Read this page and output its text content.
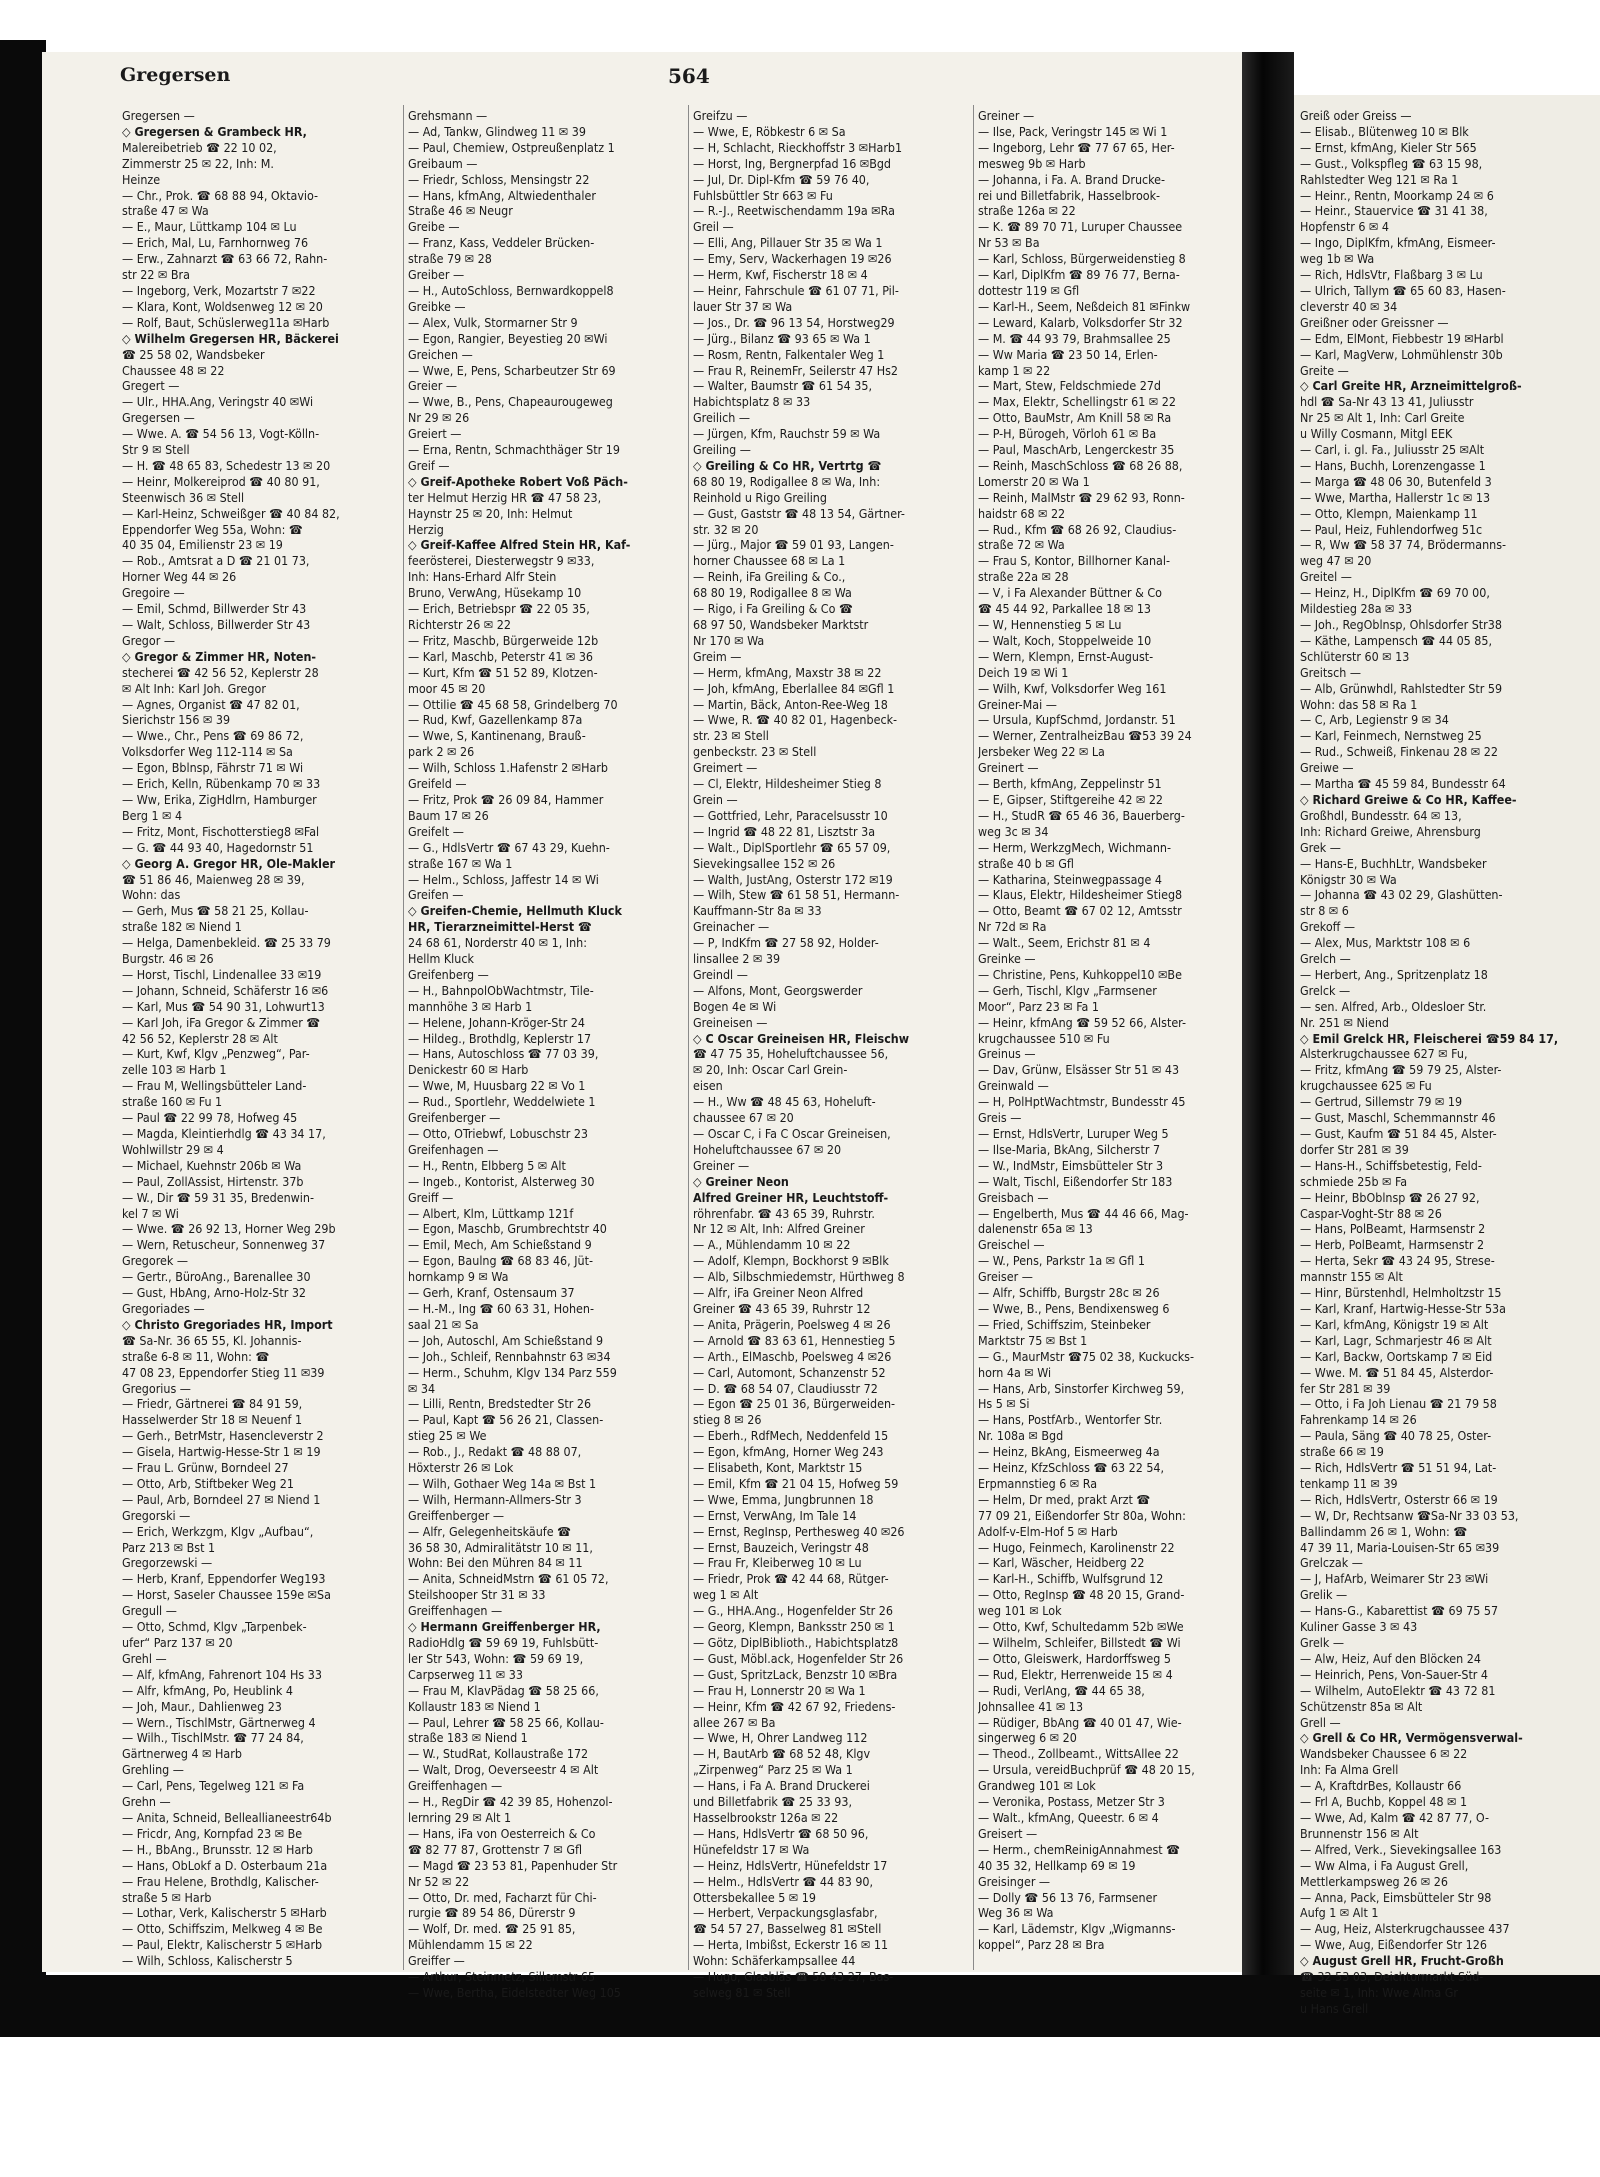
Gregersen	564
Gregersen —
◇ Gregersen & Grambeck HR,
Malereibetrieb ☎ 22 10 02,
Zimmerstr 25 ✉ 22, Inh: M.
Heinze
— Chr., Prok. ☎ 68 88 94, Oktavio-
straße 47 ✉ Wa
— E., Maur, Lüttkamp 104 ✉ Lu
— Erich, Mal, Lu, Farnhornweg 76
— Erw., Zahnarzt ☎ 63 66 72, Rahn-
str 22 ✉ Bra
— Ingeborg, Verk, Mozartstr 7 ✉22
— Klara, Kont, Woldsenweg 12 ✉ 20
— Rolf, Baut, Schüslerweg11a ✉Harb
◇ Wilhelm Gregersen HR, Bäckerei
☎ 25 58 02, Wandsbeker
Chaussee 48 ✉ 22
Gregert —
— Ulr., HHA.Ang, Veringstr 40 ✉Wi
Gregersen —
— Wwe. A. ☎ 54 56 13, Vogt-Kölln-
Str 9 ✉ Stell
— H. ☎ 48 65 83, Schedestr 13 ✉ 20
— Heinr, Molkereiprod ☎ 40 80 91,
Steenwisch 36 ✉ Stell
— Karl-Heinz, Schweißger ☎ 40 84 82,
Eppendorfer Weg 55a, Wohn: ☎
40 35 04, Emilienstr 23 ✉ 19
— Rob., Amtsrat a D ☎ 21 01 73,
Horner Weg 44 ✉ 26
Gregoire —
— Emil, Schmd, Billwerder Str 43
— Walt, Schloss, Billwerder Str 43
Gregor —
◇ Gregor & Zimmer HR, Noten-
stecherei ☎ 42 56 52, Keplerstr 28
✉ Alt Inh: Karl Joh. Gregor
— Agnes, Organist ☎ 47 82 01,
Sierichstr 156 ✉ 39
— Wwe., Chr., Pens ☎ 69 86 72,
Volksdorfer Weg 112-114 ✉ Sa
— Egon, Bblnsp, Fährstr 71 ✉ Wi
— Erich, Kelln, Rübenkamp 70 ✉ 33
— Ww, Erika, ZigHdlrn, Hamburger
Berg 1 ✉ 4
— Fritz, Mont, Fischotterstieg8 ✉Fal
— G. ☎ 44 93 40, Hagedornstr 51
◇ Georg A. Gregor HR, Ole-Makler
☎ 51 86 46, Maienweg 28 ✉ 39,
Wohn: das
— Gerh, Mus ☎ 58 21 25, Kollau-
straße 182 ✉ Niend 1
— Helga, Damenbekleid. ☎ 25 33 79
Burgstr. 46 ✉ 26
— Horst, Tischl, Lindenallee 33 ✉19
— Johann, Schneid, Schäferstr 16 ✉6
— Karl, Mus ☎ 54 90 31, Lohwurt13
— Karl Joh, iFa Gregor & Zimmer ☎
42 56 52, Keplerstr 28 ✉ Alt
— Kurt, Kwf, Klgv „Penzweg“, Par-
zelle 103 ✉ Harb 1
— Frau M, Wellingsbütteler Land-
straße 160 ✉ Fu 1
— Paul ☎ 22 99 78, Hofweg 45
— Magda, Kleintierhdlg ☎ 43 34 17,
Wohlwillstr 29 ✉ 4
— Michael, Kuehnstr 206b ✉ Wa
— Paul, ZollAssist, Hirtenstr. 37b
— W., Dir ☎ 59 31 35, Bredenwin-
kel 7 ✉ Wi
— Wwe. ☎ 26 92 13, Horner Weg 29b
— Wern, Retuscheur, Sonnenweg 37
Gregorek —
— Gertr., BüroAng., Barenallee 30
— Gust, HbAng, Arno-Holz-Str 32
Gregoriades —
◇ Christo Gregoriades HR, Import
☎ Sa-Nr. 36 65 55, Kl. Johannis-
straße 6-8 ✉ 11, Wohn: ☎
47 08 23, Eppendorfer Stieg 11 ✉39
Gregorius —
— Friedr, Gärtnerei ☎ 84 91 59,
Hasselwerder Str 18 ✉ Neuenf 1
— Gerh., BetrMstr, Hasencleverstr 2
— Gisela, Hartwig-Hesse-Str 1 ✉ 19
— Frau L. Grünw, Borndeel 27
— Otto, Arb, Stiftbeker Weg 21
— Paul, Arb, Borndeel 27 ✉ Niend 1
Gregorski —
— Erich, Werkzgm, Klgv „Aufbau“,
Parz 213 ✉ Bst 1
Gregorzewski —
— Herb, Kranf, Eppendorfer Weg193
— Horst, Saseler Chaussee 159e ✉Sa
Gregull —
— Otto, Schmd, Klgv „Tarpenbek-
ufer“ Parz 137 ✉ 20
Grehl —
— Alf, kfmAng, Fahrenort 104 Hs 33
— Alfr, kfmAng, Po, Heublink 4
— Joh, Maur., Dahlienweg 23
— Wern., TischlMstr, Gärtnerweg 4
— Wilh., TischlMstr. ☎ 77 24 84,
Gärtnerweg 4 ✉ Harb
Grehling —
— Carl, Pens, Tegelweg 121 ✉ Fa
Grehn —
— Anita, Schneid, Belleallianeestr64b
— Fricdr, Ang, Kornpfad 23 ✉ Be
— H., BbAng., Brunsstr. 12 ✉ Harb
— Hans, ObLokf a D. Osterbaum 21a
— Frau Helene, Brothdlg, Kalischer-
straße 5 ✉ Harb
— Lothar, Verk, Kalischerstr 5 ✉Harb
— Otto, Schiffszim, Melkweg 4 ✉ Be
— Paul, Elektr, Kalischerstr 5 ✉Harb
— Wilh, Schloss, Kalischerstr 5
Grehsmann —
— Ad, Tankw, Glindweg 11 ✉ 39
— Paul, Chemiew, Ostpreußenplatz 1
Greibaum —
— Friedr, Schloss, Mensingstr 22
— Hans, kfmAng, Altwiedenthaler
Straße 46 ✉ Neugr
Greibe —
— Franz, Kass, Veddeler Brücken-
straße 79 ✉ 28
Greiber —
— H., AutoSchloss, Bernwardkoppel8
Greibke —
— Alex, Vulk, Stormarner Str 9
— Egon, Rangier, Beyestieg 20 ✉Wi
Greichen —
— Wwe, E, Pens, Scharbeutzer Str 69
Greier —
— Wwe, B., Pens, Chapeaurougeweg
Nr 29 ✉ 26
Greiert —
— Erna, Rentn, Schmachthäger Str 19
Greif —
◇ Greif-Apotheke Robert Voß Päch-
ter Helmut Herzig HR ☎ 47 58 23,
Haynstr 25 ✉ 20, Inh: Helmut
Herzig
◇ Greif-Kaffee Alfred Stein HR, Kaf-
feerösterei, Diesterwegstr 9 ✉33,
Inh: Hans-Erhard Alfr Stein
Bruno, VerwAng, Hüsekamp 10
— Erich, Betriebspr ☎ 22 05 35,
Richterstr 26 ✉ 22
— Fritz, Maschb, Bürgerweide 12b
— Karl, Maschb, Peterstr 41 ✉ 36
— Kurt, Kfm ☎ 51 52 89, Klotzen-
moor 45 ✉ 20
— Ottilie ☎ 45 68 58, Grindelberg 70
— Rud, Kwf, Gazellenkamp 87a
— Wwe, S, Kantinenang, Brauß-
park 2 ✉ 26
— Wilh, Schloss 1.Hafenstr 2 ✉Harb
Greifeld —
— Fritz, Prok ☎ 26 09 84, Hammer
Baum 17 ✉ 26
Greifelt —
— G., HdlsVertr ☎ 67 43 29, Kuehn-
straße 167 ✉ Wa 1
— Helm., Schloss, Jaffestr 14 ✉ Wi
Greifen —
◇ Greifen-Chemie, Hellmuth Kluck
HR, Tierarzneimittel-Herst ☎
24 68 61, Norderstr 40 ✉ 1, Inh:
Hellm Kluck
Greifenberg —
— H., BahnpolObWachtmstr, Tile-
mannhöhe 3 ✉ Harb 1
— Helene, Johann-Kröger-Str 24
— Hildeg., Brothdlg, Keplerstr 17
— Hans, Autoschloss ☎ 77 03 39,
Denickestr 60 ✉ Harb
— Wwe, M, Huusbarg 22 ✉ Vo 1
— Rud., Sportlehr, Weddelwiete 1
Greifenberger —
— Otto, OTriebwf, Lobuschstr 23
Greifenhagen —
— H., Rentn, Elbberg 5 ✉ Alt
— Ingeb., Kontorist, Alsterweg 30
Greiff —
— Albert, Klm, Lüttkamp 121f
— Egon, Maschb, Grumbrechtstr 40
— Emil, Mech, Am Schießstand 9
— Egon, Baulng ☎ 68 83 46, Jüt-
hornkamp 9 ✉ Wa
— Gerh, Kranf, Ostensaum 37
— H.-M., Ing ☎ 60 63 31, Hohen-
saal 21 ✉ Sa
— Joh, Autoschl, Am Schießstand 9
— Joh., Schleif, Rennbahnstr 63 ✉34
— Herm., Schuhm, Klgv 134 Parz 559
✉ 34
— Lilli, Rentn, Bredstedter Str 26
— Paul, Kapt ☎ 56 26 21, Classen-
stieg 25 ✉ We
— Rob., J., Redakt ☎ 48 88 07,
Höxterstr 26 ✉ Lok
— Wilh, Gothaer Weg 14a ✉ Bst 1
— Wilh, Hermann-Allmers-Str 3
Greiffenberger —
— Alfr, Gelegenheitskäufe ☎
36 58 30, Admiralitätstr 10 ✉ 11,
Wohn: Bei den Mühren 84 ✉ 11
— Anita, SchneidMstrn ☎ 61 05 72,
Steilshooper Str 31 ✉ 33
Greiffenhagen —
◇ Hermann Greiffenberger HR,
RadioHdlg ☎ 59 69 19, Fuhlsbütt-
ler Str 543, Wohn: ☎ 59 69 19,
Carpserweg 11 ✉ 33
— Frau M, KlavPädag ☎ 58 25 66,
Kollaustr 183 ✉ Niend 1
— Paul, Lehrer ☎ 58 25 66, Kollau-
straße 183 ✉ Niend 1
— W., StudRat, Kollaustraße 172
— Walt, Drog, Oeverseestr 4 ✉ Alt
Greiffenhagen —
— H., RegDir ☎ 42 39 85, Hohenzol-
lernring 29 ✉ Alt 1
— Hans, iFa von Oesterreich & Co
☎ 82 77 87, Grottenstr 7 ✉ Gfl
— Magd ☎ 23 53 81, Papenhuder Str
Nr 52 ✉ 22
— Otto, Dr. med, Facharzt für Chi-
rurgie ☎ 89 54 86, Dürerstr 9
— Wolf, Dr. med. ☎ 25 91 85,
Mühlendamm 15 ✉ 22
Greiffer —
— Arthur, Steinmetz, Sillemstr 65
— Wwe, Bertha, Eidelstedter Weg 105
Greifzu —
— Wwe, E, Röbkestr 6 ✉ Sa
— H, Schlacht, Rieckhoffstr 3 ✉Harb1
— Horst, Ing, Bergnerpfad 16 ✉Bgd
— Jul, Dr. Dipl-Kfm ☎ 59 76 40,
Fuhlsbüttler Str 663 ✉ Fu
— R.-J., Reetwischendamm 19a ✉Ra
Greil —
— Elli, Ang, Pillauer Str 35 ✉ Wa 1
— Emy, Serv, Wackerhagen 19 ✉26
— Herm, Kwf, Fischerstr 18 ✉ 4
— Heinr, Fahrschule ☎ 61 07 71, Pil-
lauer Str 37 ✉ Wa
— Jos., Dr. ☎ 96 13 54, Horstweg29
— Jürg., Bilanz ☎ 93 65 ✉ Wa 1
— Rosm, Rentn, Falkentaler Weg 1
— Frau R, ReinemFr, Seilerstr 47 Hs2
— Walter, Baumstr ☎ 61 54 35,
Habichtsplatz 8 ✉ 33
Greilich —
— Jürgen, Kfm, Rauchstr 59 ✉ Wa
Greiling —
◇ Greiling & Co HR, Vertrtg ☎
68 80 19, Rodigallee 8 ✉ Wa, Inh:
Reinhold u Rigo Greiling
— Gust, Gaststr ☎ 48 13 54, Gärtner-
str. 32 ✉ 20
— Jürg., Major ☎ 59 01 93, Langen-
horner Chaussee 68 ✉ La 1
— Reinh, iFa Greiling & Co.,
68 80 19, Rodigallee 8 ✉ Wa
— Rigo, i Fa Greiling & Co ☎
68 97 50, Wandsbeker Marktstr
Nr 170 ✉ Wa
Greim —
— Herm, kfmAng, Maxstr 38 ✉ 22
— Joh, kfmAng, Eberlallee 84 ✉Gfl 1
— Martin, Bäck, Anton-Ree-Weg 18
— Wwe, R. ☎ 40 82 01, Hagenbeck-
str. 23 ✉ Stell
genbeckstr. 23 ✉ Stell
Greimert —
— Cl, Elektr, Hildesheimer Stieg 8
Grein —
— Gottfried, Lehr, Paracelsusstr 10
— Ingrid ☎ 48 22 81, Lisztstr 3a
— Walt., DiplSportlehr ☎ 65 57 09,
Sievekingsallee 152 ✉ 26
— Walth, JustAng, Osterstr 172 ✉19
— Wilh, Stew ☎ 61 58 51, Hermann-
Kauffmann-Str 8a ✉ 33
Greinacher —
— P, IndKfm ☎ 27 58 92, Holder-
linsallee 2 ✉ 39
Greindl —
— Alfons, Mont, Georgswerder
Bogen 4e ✉ Wi
Greineisen —
◇ C Oscar Greineisen HR, Fleischw
☎ 47 75 35, Hoheluftchaussee 56,
✉ 20, Inh: Oscar Carl Grein-
eisen
— H., Ww ☎ 48 45 63, Hoheluft-
chaussee 67 ✉ 20
— Oscar C, i Fa C Oscar Greineisen,
Hoheluftchaussee 67 ✉ 20
Greiner —
◇ Greiner Neon
Alfred Greiner HR, Leuchtstoff-
röhrenfabr. ☎ 43 65 39, Ruhrstr.
Nr 12 ✉ Alt, Inh: Alfred Greiner
— A., Mühlendamm 10 ✉ 22
— Adolf, Klempn, Bockhorst 9 ✉Blk
— Alb, Silbschmiedemstr, Hürthweg 8
— Alfr, iFa Greiner Neon Alfred
Greiner ☎ 43 65 39, Ruhrstr 12
— Anita, Prägerin, Poelsweg 4 ✉ 26
— Arnold ☎ 83 63 61, Hennestieg 5
— Arth., ElMaschb, Poelsweg 4 ✉26
— Carl, Automont, Schanzenstr 52
— D. ☎ 68 54 07, Claudiusstr 72
— Egon ☎ 25 01 36, Bürgerweiden-
stieg 8 ✉ 26
— Eberh., RdfMech, Neddenfeld 15
— Egon, kfmAng, Horner Weg 243
— Elisabeth, Kont, Marktstr 15
— Emil, Kfm ☎ 21 04 15, Hofweg 59
— Wwe, Emma, Jungbrunnen 18
— Ernst, VerwAng, Im Tale 14
— Ernst, RegInsp, Perthesweg 40 ✉26
— Ernst, Bauzeich, Veringstr 48
— Frau Fr, Kleiberweg 10 ✉ Lu
— Friedr, Prok ☎ 42 44 68, Rütger-
weg 1 ✉ Alt
— G., HHA.Ang., Hogenfelder Str 26
— Georg, Klempn, Banksstr 250 ✉ 1
— Götz, DiplBiblioth., Habichtsplatz8
— Gust, Möbl.ack, Hogenfelder Str 26
— Gust, SpritzLack, Benzstr 10 ✉Bra
— Frau H, Lonnerstr 20 ✉ Wa 1
— Heinr, Kfm ☎ 42 67 92, Friedens-
allee 267 ✉ Ba
— Wwe, H, Ohrer Landweg 112
— H, BautArb ☎ 68 52 48, Klgv
„Zirpenweg“ Parz 25 ✉ Wa 1
— Hans, i Fa A. Brand Druckerei
und Billetfabrik ☎ 25 33 93,
Hasselbrookstr 126a ✉ 22
— Hans, HdlsVertr ☎ 68 50 96,
Hünefeldstr 17 ✉ Wa
— Heinz, HdlsVertr, Hünefeldstr 17
— Helm., HdlsVertr ☎ 44 83 90,
Ottersbekallee 5 ✉ 19
— Herbert, Verpackungsglasfabr,
☎ 54 57 27, Basselweg 81 ✉Stell
— Herta, Imbißst, Eckerstr 16 ✉ 11
Wohn: Schäferkampsallee 44
— Hugo, Glasbläs ☎ 58 43 27, Bas-
selweg 81 ✉ Stell
Greiner —
— Ilse, Pack, Veringstr 145 ✉ Wi 1
— Ingeborg, Lehr ☎ 77 67 65, Her-
mesweg 9b ✉ Harb
— Johanna, i Fa. A. Brand Drucke-
rei und Billetfabrik, Hasselbrook-
straße 126a ✉ 22
— K. ☎ 89 70 71, Luruper Chaussee
Nr 53 ✉ Ba
— Karl, Schloss, Bürgerweidenstieg 8
— Karl, DiplKfm ☎ 89 76 77, Berna-
dottestr 119 ✉ Gfl
— Karl-H., Seem, Neßdeich 81 ✉Finkw
— Leward, Kalarb, Volksdorfer Str 32
— M. ☎ 44 93 79, Brahmsallee 25
— Ww Maria ☎ 23 50 14, Erlen-
kamp 1 ✉ 22
— Mart, Stew, Feldschmiede 27d
— Max, Elektr, Schellingstr 61 ✉ 22
— Otto, BauMstr, Am Knill 58 ✉ Ra
— P-H, Bürogeh, Vörloh 61 ✉ Ba
— Paul, MaschArb, Lengerckestr 35
— Reinh, MaschSchloss ☎ 68 26 88,
Lomerstr 20 ✉ Wa 1
— Reinh, MalMstr ☎ 29 62 93, Ronn-
haidstr 68 ✉ 22
— Rud., Kfm ☎ 68 26 92, Claudius-
straße 72 ✉ Wa
— Frau S, Kontor, Billhorner Kanal-
straße 22a ✉ 28
— V, i Fa Alexander Büttner & Co
☎ 45 44 92, Parkallee 18 ✉ 13
— W, Hennenstieg 5 ✉ Lu
— Walt, Koch, Stoppelweide 10
— Wern, Klempn, Ernst-August-
Deich 19 ✉ Wi 1
— Wilh, Kwf, Volksdorfer Weg 161
Greiner-Mai —
— Ursula, KupfSchmd, Jordanstr. 51
— Werner, ZentralheizBau ☎53 39 24
Jersbeker Weg 22 ✉ La
Greinert —
— Berth, kfmAng, Zeppelinstr 51
— E, Gipser, Stiftgereihe 42 ✉ 22
— H., StudR ☎ 65 46 36, Bauerberg-
weg 3c ✉ 34
— Herm, WerkzgMech, Wichmann-
straße 40 b ✉ Gfl
— Katharina, Steinwegpassage 4
— Klaus, Elektr, Hildesheimer Stieg8
— Otto, Beamt ☎ 67 02 12, Amtsstr
Nr 72d ✉ Ra
— Walt., Seem, Erichstr 81 ✉ 4
Greinke —
— Christine, Pens, Kuhkoppel10 ✉Be
— Gerh, Tischl, Klgv „Farmsener
Moor“, Parz 23 ✉ Fa 1
— Heinr, kfmAng ☎ 59 52 66, Alster-
krugchaussee 510 ✉ Fu
Greinus —
— Dav, Grünw, Elsässer Str 51 ✉ 43
Greinwald —
— H, PolHptWachtmstr, Bundesstr 45
Greis —
— Ernst, HdlsVertr, Luruper Weg 5
— Ilse-Maria, BkAng, Silcherstr 7
— W., IndMstr, Eimsbütteler Str 3
— Walt, Tischl, Eißendorfer Str 183
Greisbach —
— Engelberth, Mus ☎ 44 46 66, Mag-
dalenenstr 65a ✉ 13
Greischel —
— W., Pens, Parkstr 1a ✉ Gfl 1
Greiser —
— Alfr, Schiffb, Burgstr 28c ✉ 26
— Wwe, B., Pens, Bendixensweg 6
— Fried, Schiffszim, Steinbeker
Marktstr 75 ✉ Bst 1
— G., MaurMstr ☎75 02 38, Kuckucks-
horn 4a ✉ Wi
— Hans, Arb, Sinstorfer Kirchweg 59,
Hs 5 ✉ Si
— Hans, PostfArb., Wentorfer Str.
Nr. 108a ✉ Bgd
— Heinz, BkAng, Eismeerweg 4a
— Heinz, KfzSchloss ☎ 63 22 54,
Erpmannstieg 6 ✉ Ra
— Helm, Dr med, prakt Arzt ☎
77 09 21, Eißendorfer Str 80a, Wohn:
Adolf-v-Elm-Hof 5 ✉ Harb
— Hugo, Feinmech, Karolinenstr 22
— Karl, Wäscher, Heidberg 22
— Karl-H., Schiffb, Wulfsgrund 12
— Otto, RegInsp ☎ 48 20 15, Grand-
weg 101 ✉ Lok
— Otto, Kwf, Schultedamm 52b ✉We
— Wilhelm, Schleifer, Billstedt ☎ Wi
— Otto, Gleiswerk, Hardorffsweg 5
— Rud, Elektr, Herrenweide 15 ✉ 4
— Rudi, VerlAng, ☎ 44 65 38,
Johnsallee 41 ✉ 13
— Rüdiger, BbAng ☎ 40 01 47, Wie-
singerweg 6 ✉ 20
— Theod., Zollbeamt., WittsAllee 22
— Ursula, vereidBuchprüf ☎ 48 20 15,
Grandweg 101 ✉ Lok
— Veronika, Postass, Metzer Str 3
— Walt., kfmAng, Queestr. 6 ✉ 4
Greisert —
— Herm., chemReinigAnnahmest ☎
40 35 32, Hellkamp 69 ✉ 19
Greisinger —
— Dolly ☎ 56 13 76, Farmsener
Weg 36 ✉ Wa
— Karl, Lädemstr, Klgv „Wigmanns-
koppel“, Parz 28 ✉ Bra
Greiß oder Greiss —
— Elisab., Blütenweg 10 ✉ Blk
— Ernst, kfmAng, Kieler Str 565
— Gust., Volkspfleg ☎ 63 15 98,
Rahlstedter Weg 121 ✉ Ra 1
— Heinr., Rentn, Moorkamp 24 ✉ 6
— Heinr., Stauervice ☎ 31 41 38,
Hopfenstr 6 ✉ 4
— Ingo, DiplKfm, kfmAng, Eismeer-
weg 1b ✉ Wa
— Rich, HdlsVtr, Flaßbarg 3 ✉ Lu
— Ulrich, Tallym ☎ 65 60 83, Hasen-
cleverstr 40 ✉ 34
Greißner oder Greissner —
— Edm, ElMont, Fiebbestr 19 ✉Harbl
— Karl, MagVerw, Lohmühlenstr 30b
Greite —
◇ Carl Greite HR, Arzneimittelgroß-
hdl ☎ Sa-Nr 43 13 41, Juliusstr
Nr 25 ✉ Alt 1, Inh: Carl Greite
u Willy Cosmann, Mitgl EEK
— Carl, i. gl. Fa., Juliusstr 25 ✉Alt
— Hans, Buchh, Lorenzengasse 1
— Marga ☎ 48 06 30, Butenfeld 3
— Wwe, Martha, Hallerstr 1c ✉ 13
— Otto, Klempn, Maienkamp 11
— Paul, Heiz, Fuhlendorfweg 51c
— R, Ww ☎ 58 37 74, Brödermanns-
weg 47 ✉ 20
Greitel —
— Heinz, H., DiplKfm ☎ 69 70 00,
Mildestieg 28a ✉ 33
— Joh., RegOblnsp, Ohlsdorfer Str38
— Käthe, Lampensch ☎ 44 05 85,
Schlüterstr 60 ✉ 13
Greitsch —
— Alb, Grünwhdl, Rahlstedter Str 59
Wohn: das 58 ✉ Ra 1
— C, Arb, Legienstr 9 ✉ 34
— Karl, Feinmech, Nernstweg 25
— Rud., Schweiß, Finkenau 28 ✉ 22
Greiwe —
— Martha ☎ 45 59 84, Bundesstr 64
◇ Richard Greiwe & Co HR, Kaffee-
Großhdl, Bundesstr. 64 ✉ 13,
Inh: Richard Greiwe, Ahrensburg
Grek —
— Hans-E, BuchhLtr, Wandsbeker
Königstr 30 ✉ Wa
— Johanna ☎ 43 02 29, Glashütten-
str 8 ✉ 6
Grekoff —
— Alex, Mus, Marktstr 108 ✉ 6
Grelch —
— Herbert, Ang., Spritzenplatz 18
Grelck —
— sen. Alfred, Arb., Oldesloer Str.
Nr. 251 ✉ Niend
◇ Emil Grelck HR, Fleischerei ☎59 84 17,
Alsterkrugchaussee 627 ✉ Fu,
— Fritz, kfmAng ☎ 59 79 25, Alster-
krugchaussee 625 ✉ Fu
— Gertrud, Sillemstr 79 ✉ 19
— Gust, Maschl, Schemmannstr 46
— Gust, Kaufm ☎ 51 84 45, Alster-
dorfer Str 281 ✉ 39
— Hans-H., Schiffsbetestig, Feld-
schmiede 25b ✉ Fa
— Heinr, BbOblnsp ☎ 26 27 92,
Caspar-Voght-Str 88 ✉ 26
— Hans, PolBeamt, Harmsenstr 2
— Herb, PolBeamt, Harmsenstr 2
— Herta, Sekr ☎ 43 24 95, Strese-
mannstr 155 ✉ Alt
— Hinr, Bürstenhdl, Helmholtzstr 15
— Karl, Kranf, Hartwig-Hesse-Str 53a
— Karl, kfmAng, Königstr 19 ✉ Alt
— Karl, Lagr, Schmarjestr 46 ✉ Alt
— Karl, Backw, Oortskamp 7 ✉ Eid
— Wwe. M. ☎ 51 84 45, Alsterdor-
fer Str 281 ✉ 39
— Otto, i Fa Joh Lienau ☎ 21 79 58
Fahrenkamp 14 ✉ 26
— Paula, Säng ☎ 40 78 25, Oster-
straße 66 ✉ 19
— Rich, HdlsVertr ☎ 51 51 94, Lat-
tenkamp 11 ✉ 39
— Rich, HdlsVertr, Osterstr 66 ✉ 19
— W, Dr, Rechtsanw ☎Sa-Nr 33 03 53,
Ballindamm 26 ✉ 1, Wohn: ☎
47 39 11, Maria-Louisen-Str 65 ✉39
Grelczak —
— J, HafArb, Weimarer Str 23 ✉Wi
Grelik —
— Hans-G., Kabarettist ☎ 69 75 57
Kuliner Gasse 3 ✉ 43
Grelk —
— Alw, Heiz, Auf den Blöcken 24
— Heinrich, Pens, Von-Sauer-Str 4
— Wilhelm, AutoElektr ☎ 43 72 81
Schützenstr 85a ✉ Alt
Grell —
◇ Grell & Co HR, Vermögensverwal-
Wandsbeker Chaussee 6 ✉ 22
Inh: Fa Alma Grell
— A, KraftdrBes, Kollaustr 66
— Frl A, Buchb, Koppel 48 ✉ 1
— Wwe, Ad, Kalm ☎ 42 87 77, O-
Brunnenstr 156 ✉ Alt
— Alfred, Verk., Sievekingsallee 163
— Ww Alma, i Fa August Grell,
Mettlerkampsweg 26 ✉ 26
— Anna, Pack, Eimsbütteler Str 98
Aufg 1 ✉ Alt 1
— Aug, Heiz, Alsterkrugchaussee 437
— Wwe, Aug, Eißendorfer Str 126
◇ August Grell HR, Frucht-Großh
☎ 32 53 03, Deichtormarkt Süd-
seite ✉ 1, Inh: Wwe Alma Gr
u Hans Grell
